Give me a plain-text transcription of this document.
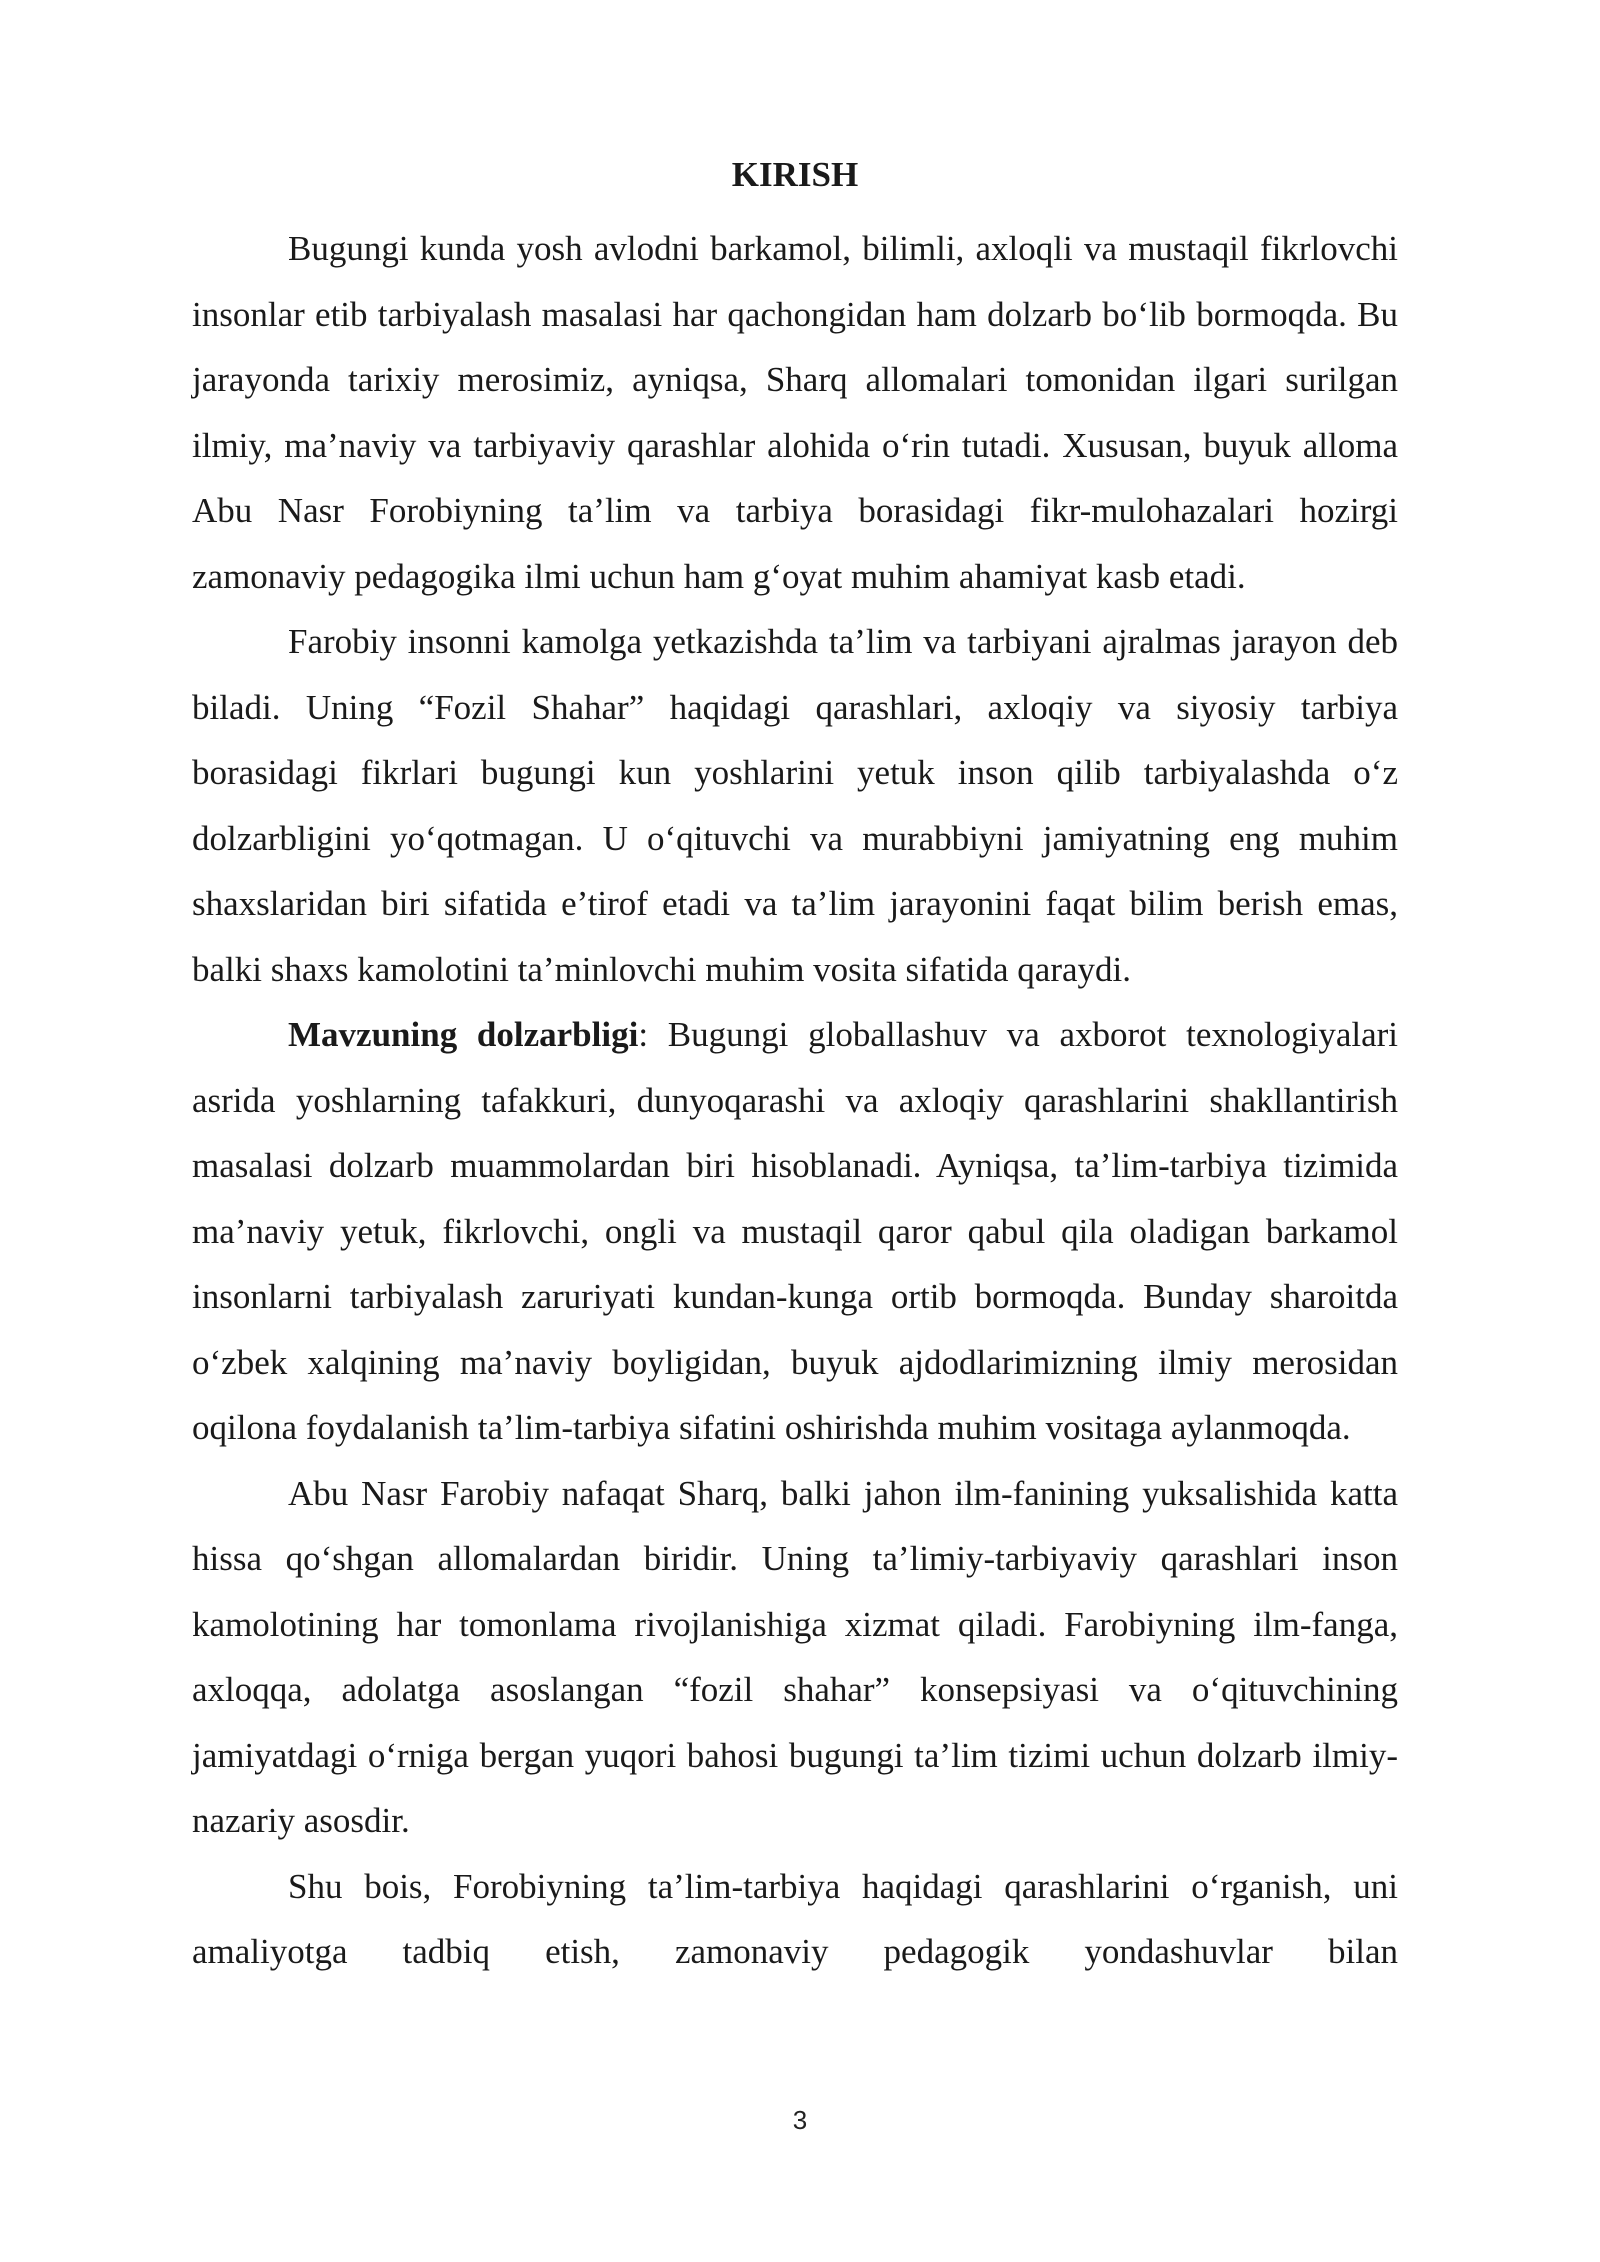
KIRISH

Bugungi kunda yosh avlodni barkamol, bilimli, axloqli va mustaqil fikrlovchi insonlar etib tarbiyalash masalasi har qachongidan ham dolzarb bo‘lib bormoqda. Bu jarayonda tarixiy merosimiz, ayniqsa, Sharq allomalari tomonidan ilgari surilgan ilmiy, ma’naviy va tarbiyaviy qarashlar alohida o‘rin tutadi. Xususan, buyuk alloma Abu Nasr Forobiyning ta’lim va tarbiya borasidagi fikr-mulohazalari hozirgi zamonaviy pedagogika ilmi uchun ham g‘oyat muhim ahamiyat kasb etadi.

Farobiy insonni kamolga yetkazishda ta’lim va tarbiyani ajralmas jarayon deb biladi. Uning “Fozil Shahar” haqidagi qarashlari, axloqiy va siyosiy tarbiya borasidagi fikrlari bugungi kun yoshlarini yetuk inson qilib tarbiyalashda o‘z dolzarbligini yo‘qotmagan. U o‘qituvchi va murabbiyni jamiyatning eng muhim shaxslaridan biri sifatida e’tirof etadi va ta’lim jarayonini faqat bilim berish emas, balki shaxs kamolotini ta’minlovchi muhim vosita sifatida qaraydi.

Mavzuning dolzarbligi: Bugungi globallashuv va axborot texnologiyalari asrida yoshlarning tafakkuri, dunyoqarashi va axloqiy qarashlarini shakllantirish masalasi dolzarb muammolardan biri hisoblanadi. Ayniqsa, ta’lim-tarbiya tizimida ma’naviy yetuk, fikrlovchi, ongli va mustaqil qaror qabul qila oladigan barkamol insonlarni tarbiyalash zaruriyati kundan-kunga ortib bormoqda. Bunday sharoitda o‘zbek xalqining ma’naviy boyligidan, buyuk ajdodlarimizning ilmiy merosidan oqilona foydalanish ta’lim-tarbiya sifatini oshirishda muhim vositaga aylanmoqda.

Abu Nasr Farobiy nafaqat Sharq, balki jahon ilm-fanining yuksalishida katta hissa qo‘shgan allomalardan biridir. Uning ta’limiy-tarbiyaviy qarashlari inson kamolotining har tomonlama rivojlanishiga xizmat qiladi. Farobiyning ilm-fanga, axloqqa, adolatga asoslangan “fozil shahar” konsepsiyasi va o‘qituvchining jamiyatdagi o‘rniga bergan yuqori bahosi bugungi ta’lim tizimi uchun dolzarb ilmiy-nazariy asosdir.

Shu bois, Forobiyning ta’lim-tarbiya haqidagi qarashlarini o‘rganish, uni amaliyotga tadbiq etish, zamonaviy pedagogik yondashuvlar bilan

3
